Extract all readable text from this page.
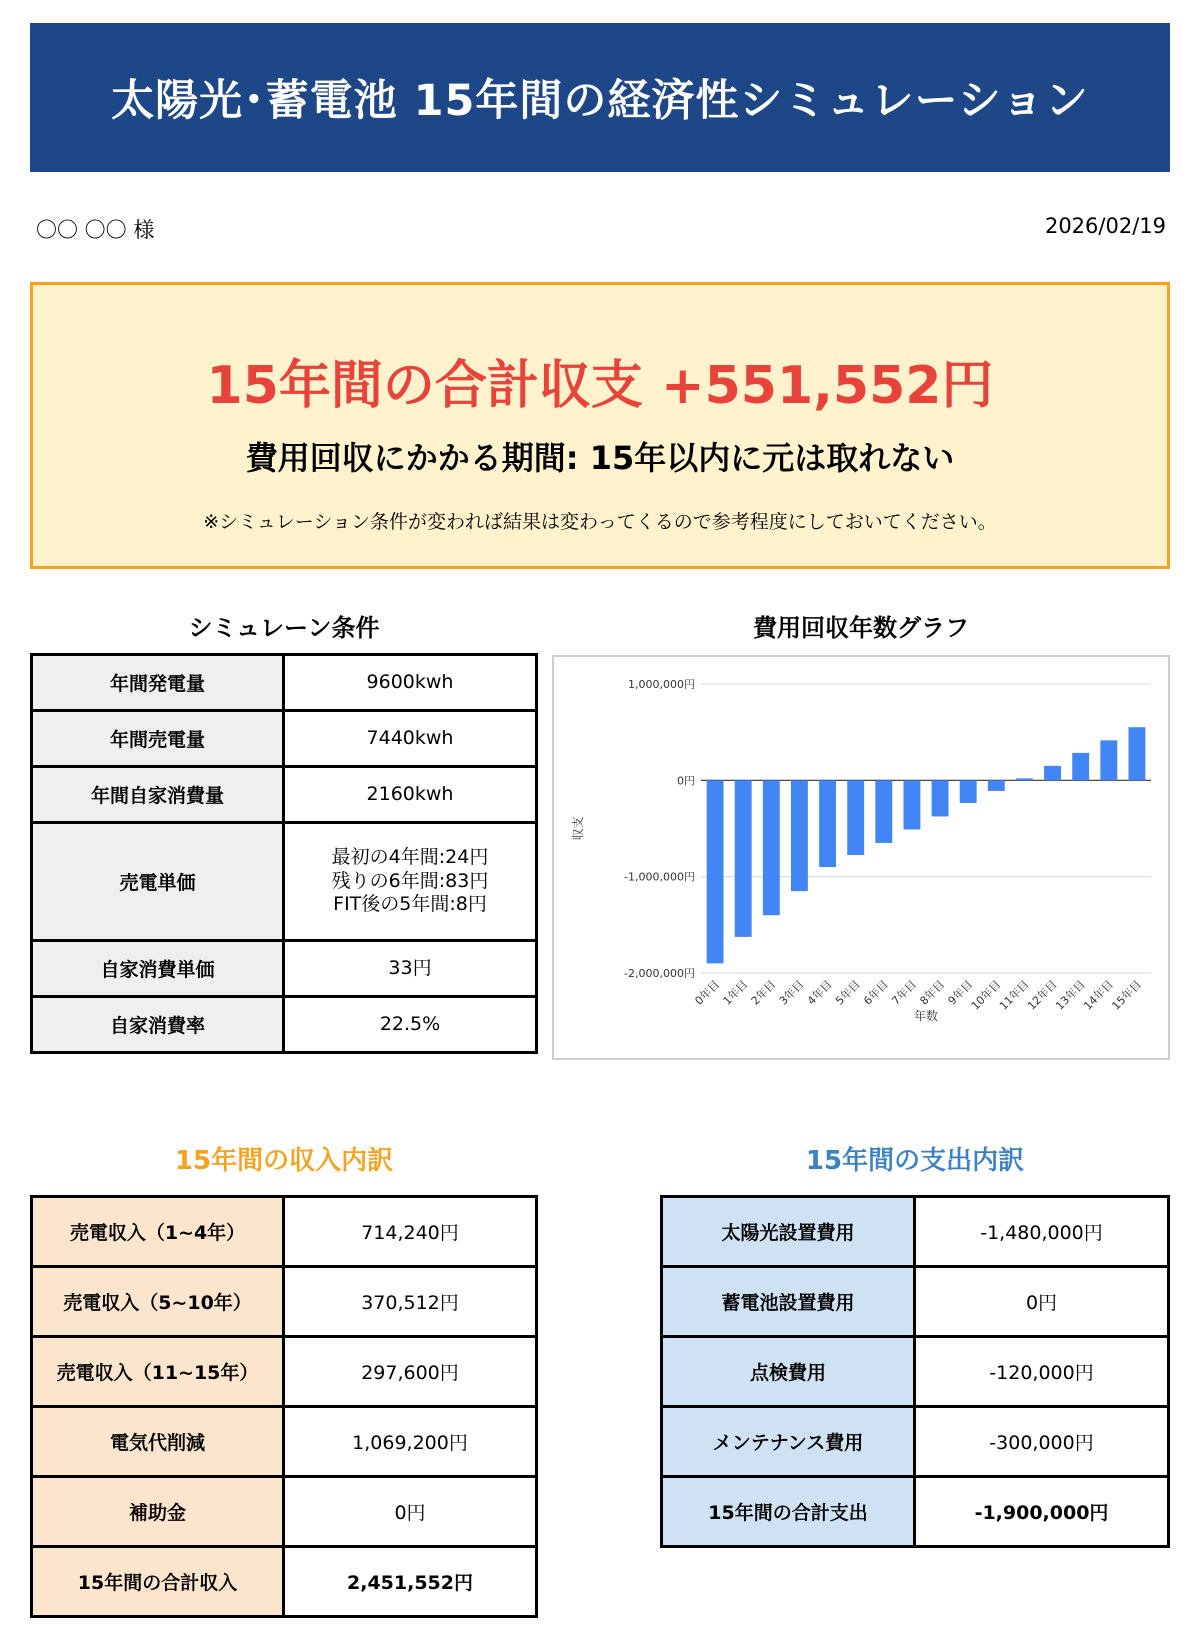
太陽光･蓄電池 15年間の経済性シミュレーション
〇〇 〇〇 様	2026/02/19
15年間の合計収支 +551,552円
費用回収にかかる期間: 15年以内に元は取れない
※シミュレーション条件が変われば結果は変わってくるので参考程度にしておいてください。
シミュレーン条件
年間発電量	9600kwh
年間売電量	7440kwh
年間自家消費量	2160kwh
売電単価	最初の4年間:24円
残りの6年間:83円
FIT後の5年間:8円

自家消費単価	33円
自家消費率	22.5%
費用回収年数グラフ
-2,000,000円
-1,000,000円
0円
1,000,000円
0年目
1年目
2年目
3年目
4年目
5年目
6年目
7年目
8年目
9年目
10年目
11年目
12年目
13年目
14年目
15年目
年数
収支
15年間の収入内訳
売電収入（1~4年）	714,240円
売電収入（5~10年）	370,512円
売電収入（11~15年）	297,600円
電気代削減	1,069,200円
補助金	0円
15年間の合計収入	2,451,552円
15年間の支出内訳
太陽光設置費用	-1,480,000円
蓄電池設置費用	0円
点検費用	-120,000円
メンテナンス費用	-300,000円
15年間の合計支出	-1,900,000円
